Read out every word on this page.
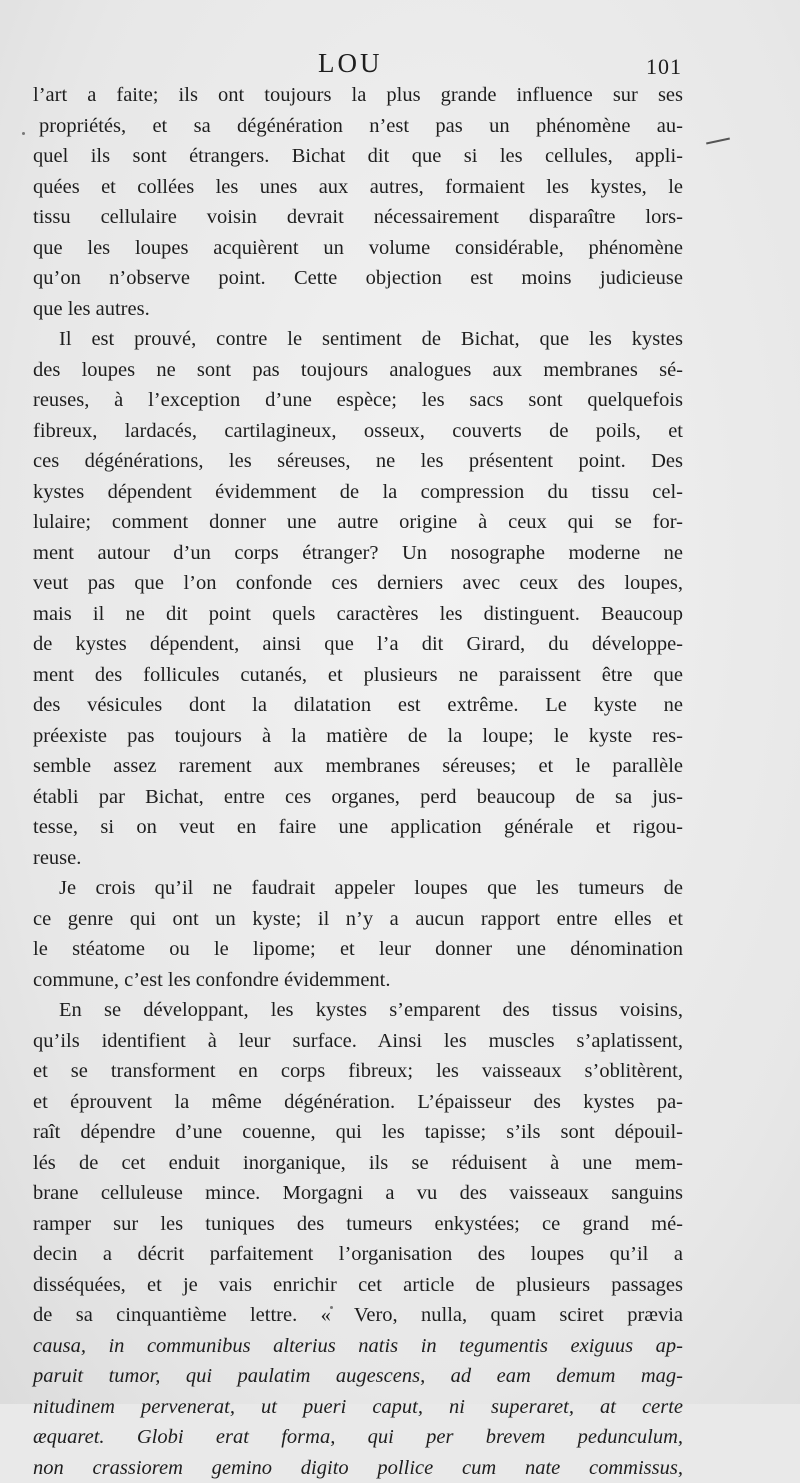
LOU	101
l’art a faite; ils ont toujours la plus grande influence sur ses
propriétés, et sa dégénération n’est pas un phénomène au-
quel ils sont étrangers. Bichat dit que si les cellules, appli-
quées et collées les unes aux autres, formaient les kystes, le
tissu cellulaire voisin devrait nécessairement disparaître lors-
que les loupes acquièrent un volume considérable, phénomène
qu’on n’observe point. Cette objection est moins judicieuse
que les autres.
Il est prouvé, contre le sentiment de Bichat, que les kystes
des loupes ne sont pas toujours analogues aux membranes sé-
reuses, à l’exception d’une espèce; les sacs sont quelquefois
fibreux, lardacés, cartilagineux, osseux, couverts de poils, et
ces dégénérations, les séreuses, ne les présentent point. Des
kystes dépendent évidemment de la compression du tissu cel-
lulaire; comment donner une autre origine à ceux qui se for-
ment autour d’un corps étranger? Un nosographe moderne ne
veut pas que l’on confonde ces derniers avec ceux des loupes,
mais il ne dit point quels caractères les distinguent. Beaucoup
de kystes dépendent, ainsi que l’a dit Girard, du développe-
ment des follicules cutanés, et plusieurs ne paraissent être que
des vésicules dont la dilatation est extrême. Le kyste ne
préexiste pas toujours à la matière de la loupe; le kyste res-
semble assez rarement aux membranes séreuses; et le parallèle
établi par Bichat, entre ces organes, perd beaucoup de sa jus-
tesse, si on veut en faire une application générale et rigou-
reuse.
Je crois qu’il ne faudrait appeler loupes que les tumeurs de
ce genre qui ont un kyste; il n’y a aucun rapport entre elles et
le stéatome ou le lipome; et leur donner une dénomination
commune, c’est les confondre évidemment.
En se développant, les kystes s’emparent des tissus voisins,
qu’ils identifient à leur surface. Ainsi les muscles s’aplatissent,
et se transforment en corps fibreux; les vaisseaux s’oblitèrent,
et éprouvent la même dégénération. L’épaisseur des kystes pa-
raît dépendre d’une couenne, qui les tapisse; s’ils sont dépouil-
lés de cet enduit inorganique, ils se réduisent à une mem-
brane celluleuse mince. Morgagni a vu des vaisseaux sanguins
ramper sur les tuniques des tumeurs enkystées; ce grand mé-
decin a décrit parfaitement l’organisation des loupes qu’il a
disséquées, et je vais enrichir cet article de plusieurs passages
de sa cinquantième lettre. « Vero, nulla, quam sciret prævia
causa, in communibus alterius natis in tegumentis exiguus ap-
paruit tumor, qui paulatim augescens, ad eam demum mag-
nitudinem pervenerat, ut pueri caput, ni superaret, at certe
æquaret. Globi erat forma, qui per brevem pedunculum,
non crassiorem gemino digito pollice cum nate commissus,
